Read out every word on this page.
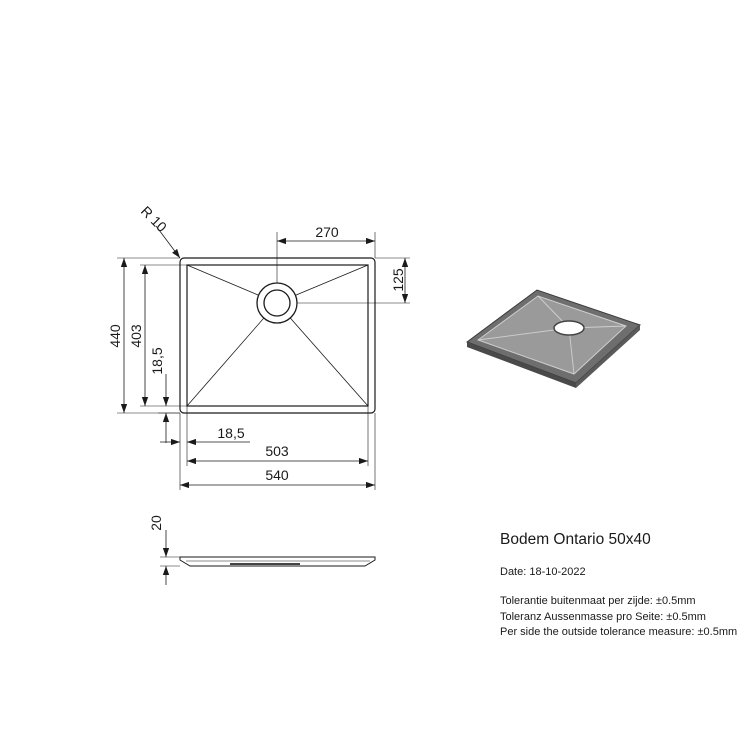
R 10	270
125
440 403
18,5
18,5
503
540
20

Bodem Ontario 50x40

Date: 18-10-2022
Tolerantie buitenmaat per zijde: ±0.5mm
Toleranz Aussenmasse pro Seite: ±0.5mm
Per side the outside tolerance measure: ±0.5mm
